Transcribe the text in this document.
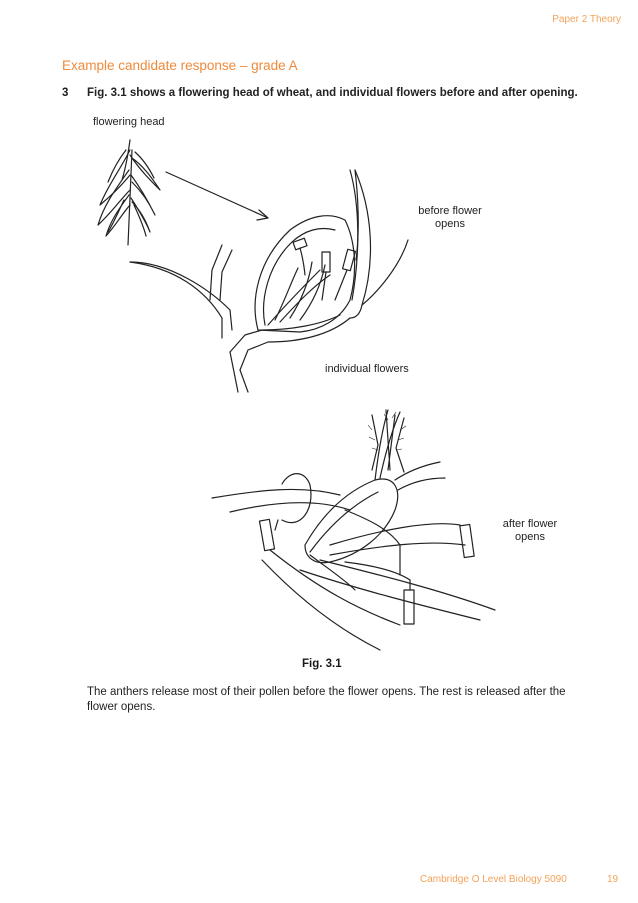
Paper 2 Theory
Example candidate response – grade A
3 Fig. 3.1 shows a flowering head of wheat, and individual flowers before and after opening.
flowering head
before flower
opens
individual flowers
after flower
opens
Fig. 3.1
The anthers release most of their pollen before the flower opens. The rest is released after the flower opens.
Cambridge O Level Biology 5090	19
